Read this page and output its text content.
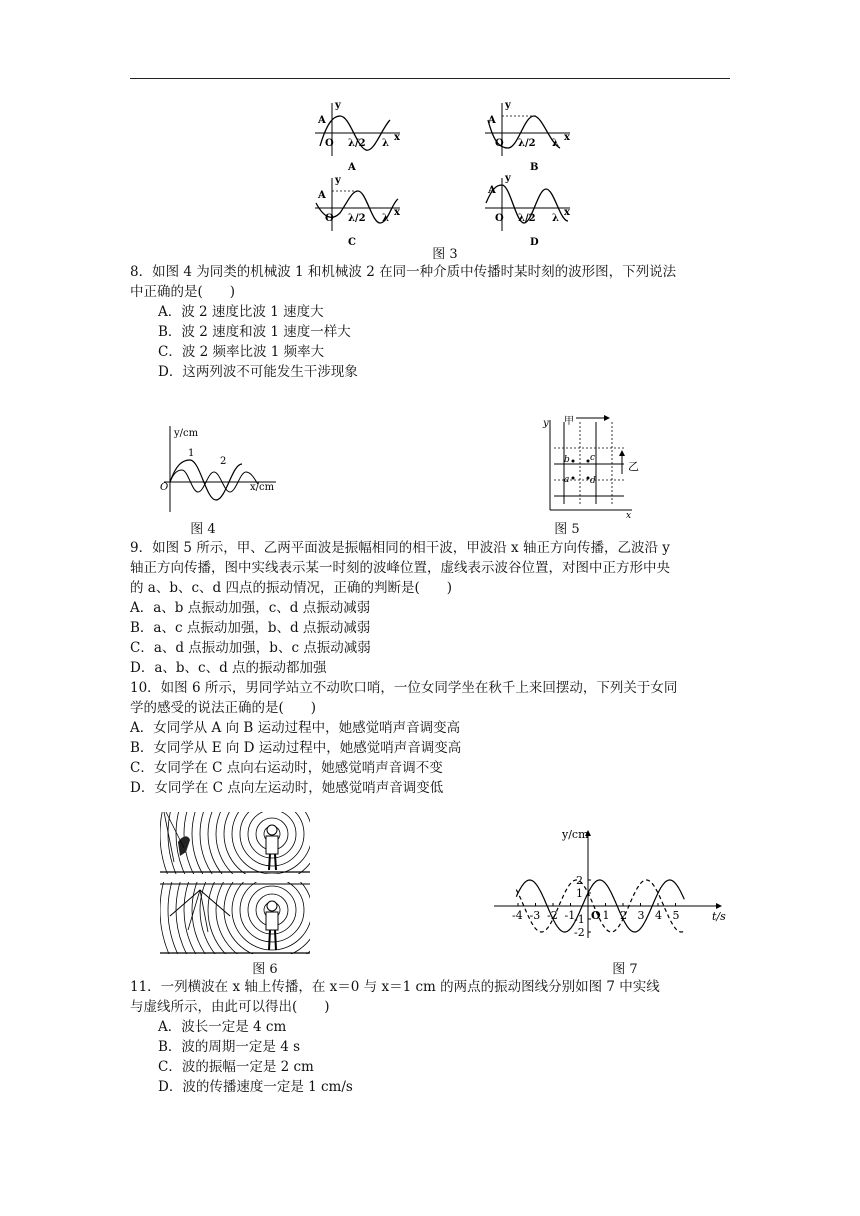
y
A
O λ/2 λ
x
A
y
A
O λ/2 λ
x
B
y
A
O λ/2 λ
x
C
y
A
O λ/2 λ
x
D
图 3
8．如图 4 为同类的机械波 1 和机械波 2 在同一种介质中传播时某时刻的波形图，下列说法
中正确的是(　　)
A．波 2 速度比波 1 速度大
B．波 2 速度和波 1 速度一样大
C．波 2 频率比波 1 频率大
D．这两列波不可能发生干涉现象
y/cm
x/cm
O
1
2
图 4
b c
a d
甲
乙
y
x
图 5
9．如图 5 所示，甲、乙两平面波是振幅相同的相干波，甲波沿 x 轴正方向传播，乙波沿 y
轴正方向传播，图中实线表示某一时刻的波峰位置，虚线表示波谷位置，对图中正方形中央
的 a、b、c、d 四点的振动情况，正确的判断是(　　)
A．a、b 点振动加强，c、d 点振动减弱
B．a、c 点振动加强，b、d 点振动减弱
C．a、d 点振动加强，b、c 点振动减弱
D．a、b、c、d 点的振动都加强
10．如图 6 所示，男同学站立不动吹口哨，一位女同学坐在秋千上来回摆动，下列关于女同
学的感受的说法正确的是(　　)
A．女同学从 A 向 B 运动过程中，她感觉哨声音调变高
B．女同学从 E 向 D 运动过程中，她感觉哨声音调变高
C．女同学在 C 点向右运动时，她感觉哨声音调不变
D．女同学在 C 点向左运动时，她感觉哨声音调变低
图 6
y/cm
t/s
O
-4 -3 -2 -1 1 2 3 4 5
2
1
-1
-2
图 7
11．一列横波在 x 轴上传播，在 x＝0 与 x＝1 cm 的两点的振动图线分别如图 7 中实线
与虚线所示，由此可以得出(　　)
A．波长一定是 4 cm
B．波的周期一定是 4 s
C．波的振幅一定是 2 cm
D．波的传播速度一定是 1 cm/s
